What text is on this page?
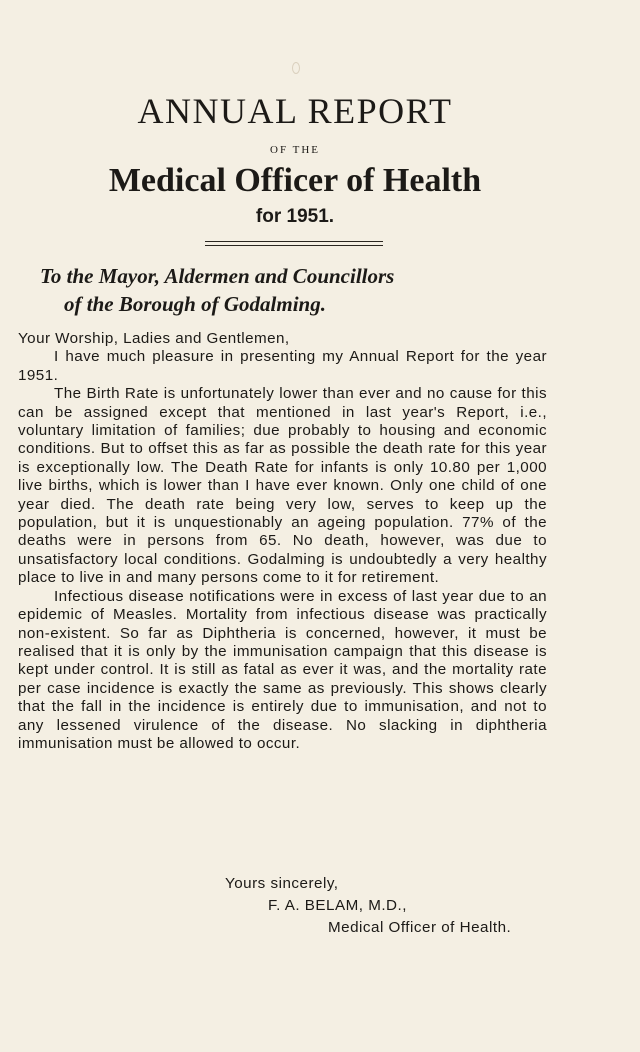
ANNUAL REPORT
OF THE
Medical Officer of Health
for 1951.
To the Mayor, Aldermen and Councillors
of the Borough of Godalming.

Your Worship, Ladies and Gentlemen,

I have much pleasure in presenting my Annual Report for the year 1951.

The Birth Rate is unfortunately lower than ever and no cause for this can be assigned except that mentioned in last year's Report, i.e., voluntary limitation of families; due probably to housing and economic conditions. But to offset this as far as possible the death rate for this year is exceptionally low. The Death Rate for infants is only 10.80 per 1,000 live births, which is lower than I have ever known. Only one child of one year died. The death rate being very low, serves to keep up the population, but it is unquestionably an ageing population. 77% of the deaths were in persons from 65. No death, however, was due to unsatisfactory local conditions. Godalming is undoubtedly a very healthy place to live in and many persons come to it for retirement.

Infectious disease notifications were in excess of last year due to an epidemic of Measles. Mortality from infectious disease was practically non-existent. So far as Diphtheria is concerned, however, it must be realised that it is only by the immunisation campaign that this disease is kept under control. It is still as fatal as ever it was, and the mortality rate per case incidence is exactly the same as previously. This shows clearly that the fall in the incidence is entirely due to immunisation, and not to any lessened virulence of the disease. No slacking in diphtheria immunisation must be allowed to occur.

Yours sincerely,
F. A. BELAM, M.D.,
Medical Officer of Health.
